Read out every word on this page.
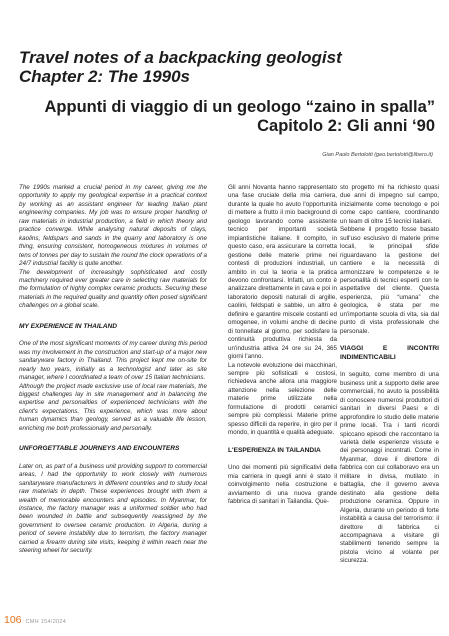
Travel notes of a backpacking geologist
Chapter 2: The 1990s
Appunti di viaggio di un geologo “zaino in spalla”
Capitolo 2: Gli anni ‘90
Gian Paolo Bertolotti (geo.bertolotti@libero.it)

The 1990s marked a crucial period in my career, giving me the opportunity to apply my geological expertise in a practical context by working as an assistant engineer for leading Italian plant engineering companies. My job was to ensure proper handling of raw materials in industrial production, a field in which theory and practice converge. While analysing natural deposits of clays, kaolins, feldspars and sands in the quarry and laboratory is one thing, ensuring consistent, homogeneous mixtures in volumes of tens of tonnes per day to sustain the round the clock operations of a 24/7 industrial facility is quite another.

The development of increasingly sophisticated and costly machinery required ever greater care in selecting raw materials for the formulation of highly complex ceramic products. Securing these materials in the required quality and quantity often posed significant challenges on a global scale.

MY EXPERIENCE IN THAILAND

One of the most significant moments of my career during this period was my involvement in the construction and start-up of a major new sanitaryware factory in Thailand. This project kept me on-site for nearly two years, initially as a technologist and later as site manager, where I coordinated a team of over 15 Italian technicians.

Although the project made exclusive use of local raw materials, the biggest challenges lay in site management and in balancing the expertise and personalities of experienced technicians with the client's expectations. This experience, which was more about human dynamics than geology, served as a valuable life lesson, enriching me both professionally and personally.

UNFORGETTABLE JOURNEYS AND ENCOUNTERS

Later on, as part of a business unit providing support to commercial areas, I had the opportunity to work closely with numerous sanitaryware manufacturers in different countries and to study local raw materials in depth. These experiences brought with them a wealth of memorable encounters and episodes. In Myanmar, for instance, the factory manager was a uniformed soldier who had been wounded in battle and subsequently reassigned by the government to oversee ceramic production. In Algeria, during a period of severe instability due to terrorism, the factory manager carried a firearm during site visits, keeping it within reach near the steering wheel for security.

Gli anni Novanta hanno rappresentato una fase cruciale della mia carriera, durante la quale ho avuto l'opportunità di mettere a frutto il mio background di geologo lavorando come assistente tecnico per importanti società impiantistiche italiane. Il compito, in questo caso, era assicurare la corretta gestione delle materie prime nei contesti di produzioni industriali, un ambito in cui la teoria e la pratica devono confrontarsi. Infatti, un conto è analizzare direttamente in cava e poi in laboratorio depositi naturali di argille, caolini, feldspati e sabbie, un altro è definire e garantire miscele costanti ed omogenee, in volumi anche di decine di tonnellate al giorno, per sodisfare la continuità produttiva richiesta da un'industria attiva 24 ore su 24, 365 giorni l'anno.

La notevole evoluzione dei macchinari, sempre più sofisticati e costosi, richiedeva anche allora una maggiore attenzione nella selezione delle materie prime utilizzate nella formulazione di prodotti ceramici sempre più complessi. Materie prime spesso difficili da reperire, in giro per il mondo, in quantità e qualità adeguate.

L'ESPERIENZA IN TAILANDIA

Uno dei momenti più significativi della mia carriera in quegli anni è stato il coinvolgimento nella costruzione e avviamento di una nuova grande fabbrica di sanitari in Tailandia. Que-

sto progetto mi ha richiesto quasi due anni di impegno sul campo, inizialmente come tecnologo e poi come capo cantiere, coordinando un team di oltre 15 tecnici italiani.

Sebbene il progetto fosse basato sull'uso esclusivo di materie prime locali, le principali sfide riguardavano la gestione del cantiere e la necessità di armonizzare le competenze e le personalità di tecnici esperti con le aspettative del cliente. Questa esperienza, più “umana” che geologica, è stata per me un'importante scuola di vita, sia dal punto di vista professionale che personale.

VIAGGI E INCONTRI INDIMENTICABILI

In seguito, come membro di una business unit a supporto delle aree commerciali, ho avuto la possibilità di conoscere numerosi produttori di sanitari in diversi Paesi e di approfondire lo studio delle materie prime locali. Tra i tanti ricordi spiccano episodi che raccontano la varietà delle esperienze vissute e dei personaggi incontrati. Come in Myanmar, dove il direttore di fabbrica con cui collaboravo era un militare in divisa, mutilato in battaglia, che il governo aveva destinato alla gestione della produzione ceramica. Oppure in Algeria, durante un periodo di forte instabilità a causa del terrorismo: il direttore di fabbrica ci accompagnava a visitare gli stabilimenti tenendo sempre la pistola vicino al volante per sicurezza.

106 CMH 154/2024
